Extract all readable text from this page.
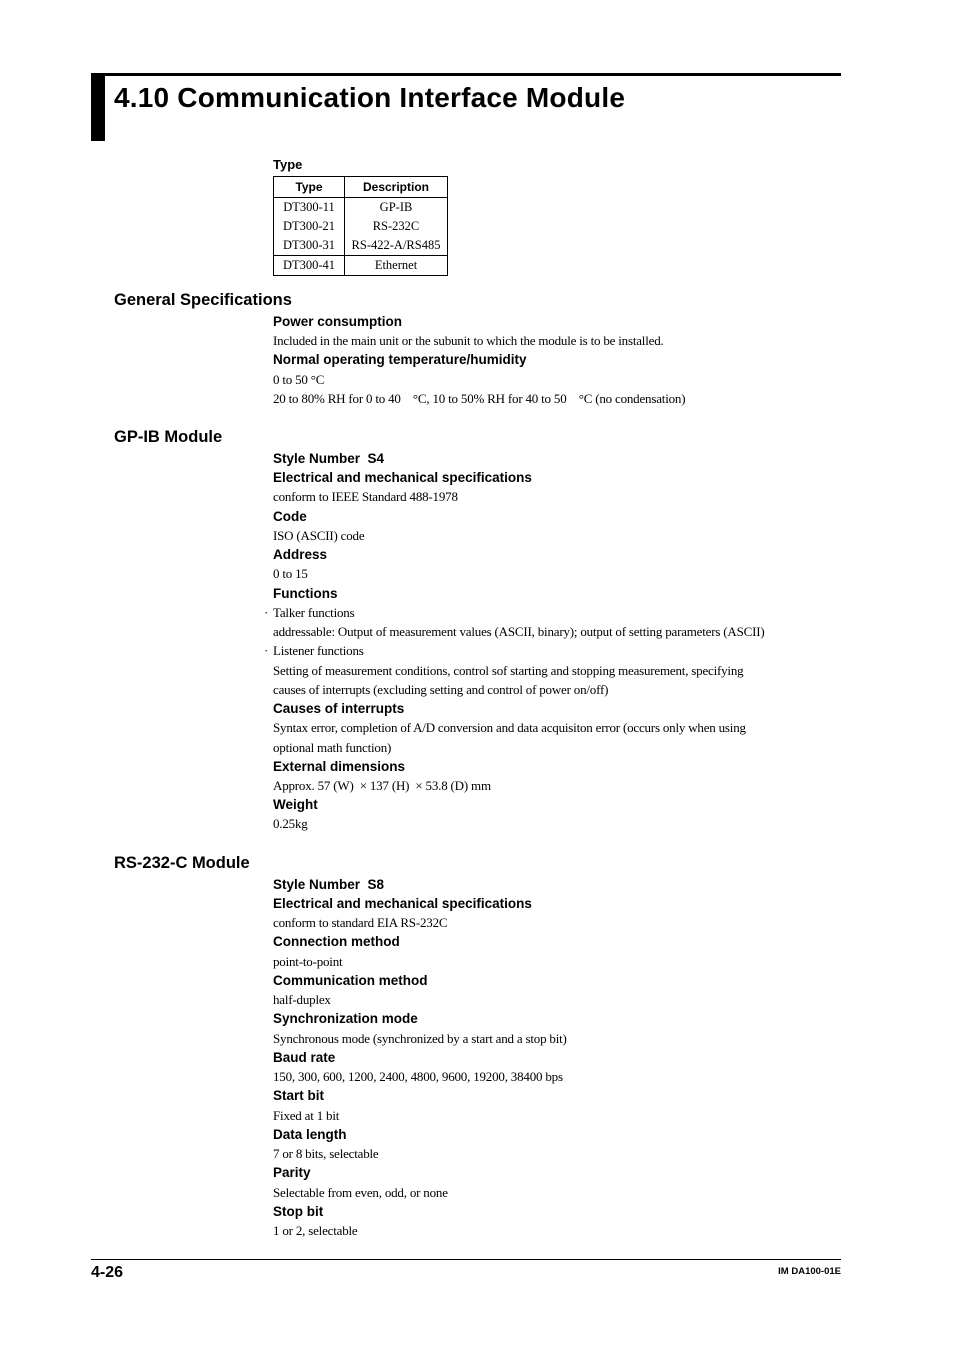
4.10 Communication Interface Module
Type
Type	Description
DT300-11	GP-IB
DT300-21	RS-232C
DT300-31	RS-422-A/RS485
DT300-41	Ethernet
General Specifications
Power consumption
Included in the main unit or the subunit to which the module is to be installed.
Normal operating temperature/humidity
0 to 50 °C
20 to 80% RH for 0 to 40    °C, 10 to 50% RH for 40 to 50    °C (no condensation)
GP-IB Module
Style Number  S4
Electrical and mechanical specifications
conform to IEEE Standard 488-1978
Code
ISO (ASCII) code
Address
0 to 15
Functions
· Talker functions
addressable: Output of measurement values (ASCII, binary); output of setting parameters (ASCII)
· Listener functions
Setting of measurement conditions, control sof starting and stopping measurement, specifying
causes of interrupts (excluding setting and control of power on/off)
Causes of interrupts
Syntax error, completion of A/D conversion and data acquisiton error (occurs only when using
optional math function)
External dimensions
Approx. 57 (W)  × 137 (H)  × 53.8 (D) mm
Weight
0.25kg
RS-232-C Module
Style Number  S8
Electrical and mechanical specifications
conform to standard EIA RS-232C
Connection method
point-to-point
Communication method
half-duplex
Synchronization mode
Synchronous mode (synchronized by a start and a stop bit)
Baud rate
150, 300, 600, 1200, 2400, 4800, 9600, 19200, 38400 bps
Start bit
Fixed at 1 bit
Data length
7 or 8 bits, selectable
Parity
Selectable from even, odd, or none
Stop bit
1 or 2, selectable
4-26	IM DA100-01E
